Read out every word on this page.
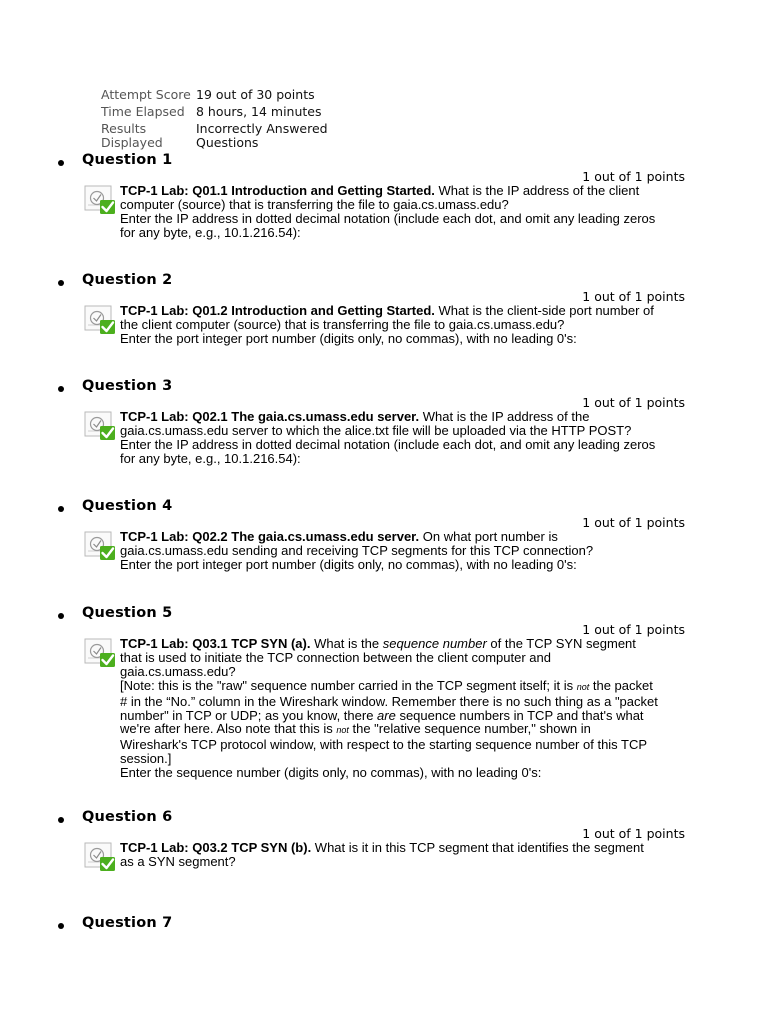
Attempt Score 19 out of 30 points
Time Elapsed 8 hours, 14 minutes
Results
Displayed
Incorrectly Answered
Questions
Question 1
1 out of 1 points
TCP-1 Lab: Q01.1 Introduction and Getting Started. What is the IP address of the client computer (source) that is transferring the file to gaia.cs.umass.edu?
Enter the IP address in dotted decimal notation (include each dot, and omit any leading zeros for any byte, e.g., 10.1.216.54):
Question 2
1 out of 1 points
TCP-1 Lab: Q01.2 Introduction and Getting Started. What is the client-side port number of the client computer (source) that is transferring the file to gaia.cs.umass.edu?
Enter the port integer port number (digits only, no commas), with no leading 0's:
Question 3
1 out of 1 points
TCP-1 Lab: Q02.1 The gaia.cs.umass.edu server. What is the IP address of the gaia.cs.umass.edu server to which the alice.txt file will be uploaded via the HTTP POST?
Enter the IP address in dotted decimal notation (include each dot, and omit any leading zeros for any byte, e.g., 10.1.216.54):
Question 4
1 out of 1 points
TCP-1 Lab: Q02.2 The gaia.cs.umass.edu server. On what port number is gaia.cs.umass.edu sending and receiving TCP segments for this TCP connection?
Enter the port integer port number (digits only, no commas), with no leading 0's:
Question 5
1 out of 1 points
TCP-1 Lab: Q03.1 TCP SYN (a). What is the sequence number of the TCP SYN segment that is used to initiate the TCP connection between the client computer and gaia.cs.umass.edu?
[Note: this is the "raw" sequence number carried in the TCP segment itself; it is not the packet # in the “No.” column in the Wireshark window. Remember there is no such thing as a "packet number" in TCP or UDP; as you know, there are sequence numbers in TCP and that's what we're after here. Also note that this is not the "relative sequence number," shown in Wireshark's TCP protocol window, with respect to the starting sequence number of this TCP session.]
Enter the sequence number (digits only, no commas), with no leading 0's:
Question 6
1 out of 1 points
TCP-1 Lab: Q03.2 TCP SYN (b). What is it in this TCP segment that identifies the segment as a SYN segment?
Question 7
